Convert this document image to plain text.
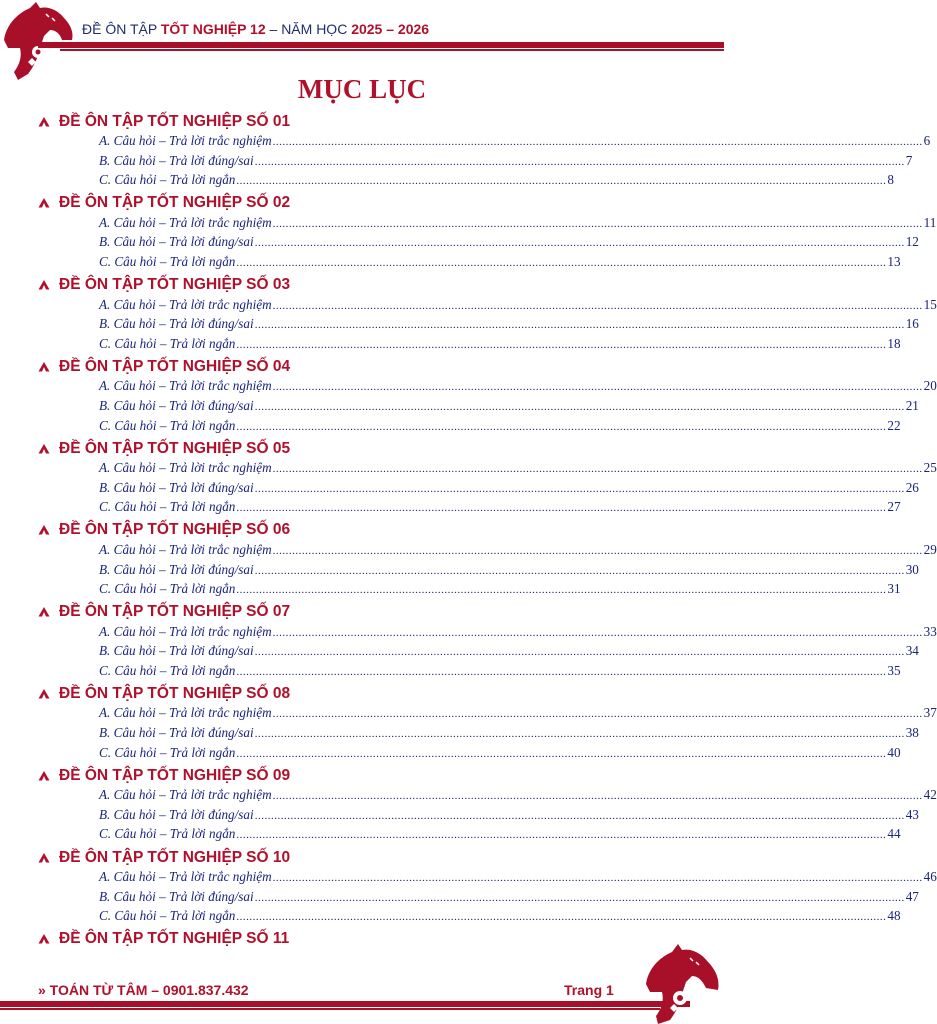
ĐỀ ÔN TẬP TỐT NGHIỆP 12 – NĂM HỌC 2025 – 2026
MỤC LỤC
ĐỀ ÔN TẬP TỐT NGHIỆP SỐ 01
A. Câu hỏi – Trả lời trắc nghiệm ........................................................................................................................................................................................................ 6
B. Câu hỏi – Trả lời đúng/sai ........................................................................................................................................................................................................ 7
C. Câu hỏi – Trả lời ngắn ........................................................................................................................................................................................................ 8
ĐỀ ÔN TẬP TỐT NGHIỆP SỐ 02
A. Câu hỏi – Trả lời trắc nghiệm ........................................................................................................................................................................................................ 11
B. Câu hỏi – Trả lời đúng/sai ........................................................................................................................................................................................................ 12
C. Câu hỏi – Trả lời ngắn ........................................................................................................................................................................................................ 13
ĐỀ ÔN TẬP TỐT NGHIỆP SỐ 03
A. Câu hỏi – Trả lời trắc nghiệm ........................................................................................................................................................................................................ 15
B. Câu hỏi – Trả lời đúng/sai ........................................................................................................................................................................................................ 16
C. Câu hỏi – Trả lời ngắn ........................................................................................................................................................................................................ 18
ĐỀ ÔN TẬP TỐT NGHIỆP SỐ 04
A. Câu hỏi – Trả lời trắc nghiệm ........................................................................................................................................................................................................ 20
B. Câu hỏi – Trả lời đúng/sai ........................................................................................................................................................................................................ 21
C. Câu hỏi – Trả lời ngắn ........................................................................................................................................................................................................ 22
ĐỀ ÔN TẬP TỐT NGHIỆP SỐ 05
A. Câu hỏi – Trả lời trắc nghiệm ........................................................................................................................................................................................................ 25
B. Câu hỏi – Trả lời đúng/sai ........................................................................................................................................................................................................ 26
C. Câu hỏi – Trả lời ngắn ........................................................................................................................................................................................................ 27
ĐỀ ÔN TẬP TỐT NGHIỆP SỐ 06
A. Câu hỏi – Trả lời trắc nghiệm ........................................................................................................................................................................................................ 29
B. Câu hỏi – Trả lời đúng/sai ........................................................................................................................................................................................................ 30
C. Câu hỏi – Trả lời ngắn ........................................................................................................................................................................................................ 31
ĐỀ ÔN TẬP TỐT NGHIỆP SỐ 07
A. Câu hỏi – Trả lời trắc nghiệm ........................................................................................................................................................................................................ 33
B. Câu hỏi – Trả lời đúng/sai ........................................................................................................................................................................................................ 34
C. Câu hỏi – Trả lời ngắn ........................................................................................................................................................................................................ 35
ĐỀ ÔN TẬP TỐT NGHIỆP SỐ 08
A. Câu hỏi – Trả lời trắc nghiệm ........................................................................................................................................................................................................ 37
B. Câu hỏi – Trả lời đúng/sai ........................................................................................................................................................................................................ 38
C. Câu hỏi – Trả lời ngắn ........................................................................................................................................................................................................ 40
ĐỀ ÔN TẬP TỐT NGHIỆP SỐ 09
A. Câu hỏi – Trả lời trắc nghiệm ........................................................................................................................................................................................................ 42
B. Câu hỏi – Trả lời đúng/sai ........................................................................................................................................................................................................ 43
C. Câu hỏi – Trả lời ngắn ........................................................................................................................................................................................................ 44
ĐỀ ÔN TẬP TỐT NGHIỆP SỐ 10
A. Câu hỏi – Trả lời trắc nghiệm ........................................................................................................................................................................................................ 46
B. Câu hỏi – Trả lời đúng/sai ........................................................................................................................................................................................................ 47
C. Câu hỏi – Trả lời ngắn ........................................................................................................................................................................................................ 48
ĐỀ ÔN TẬP TỐT NGHIỆP SỐ 11
» TOÁN TỪ TÂM – 0901.837.432	Trang 1
